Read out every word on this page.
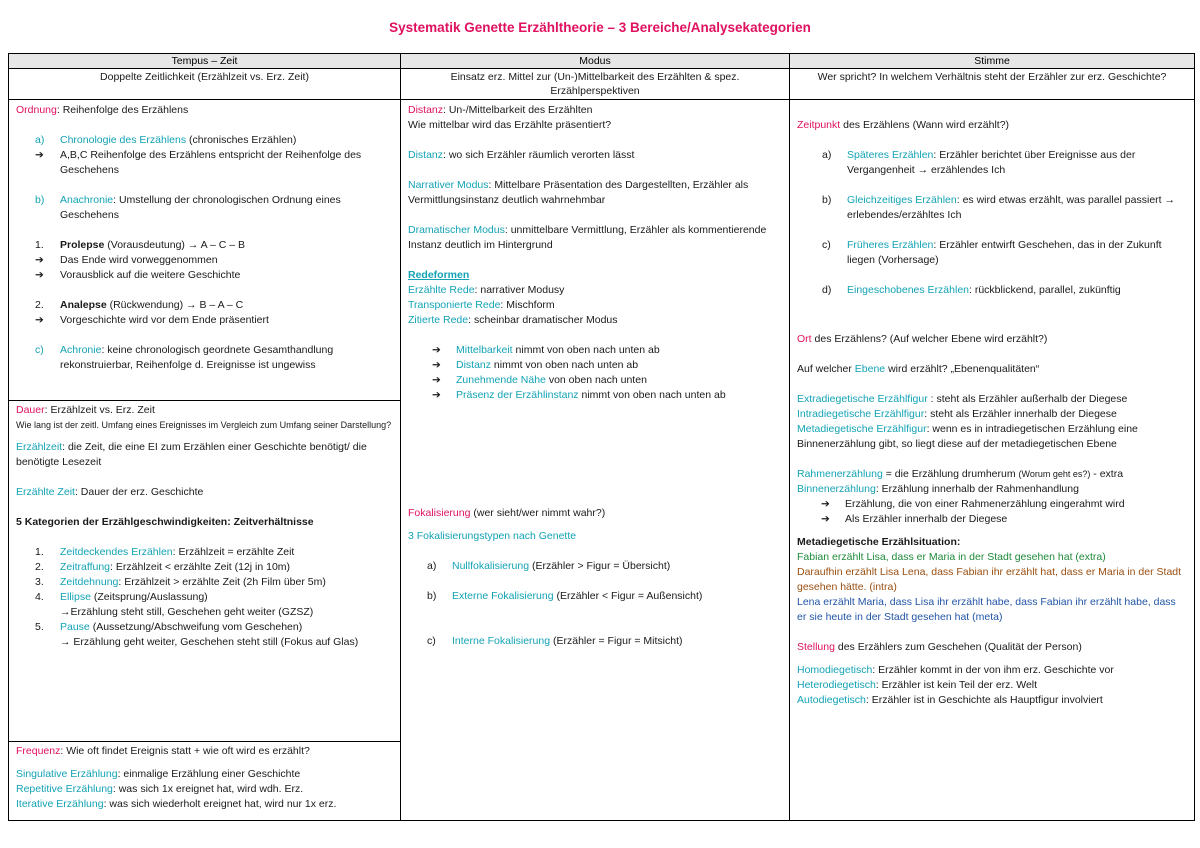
Systematik Genette Erzähltheorie – 3 Bereiche/Analysekategorien
Tempus – Zeit
Doppelte Zeitlichkeit (Erzählzeit vs. Erz. Zeit)
Ordnung: Reihenfolge des Erzählens
a) Chronologie des Erzählens (chronisches Erzählen)
➔ A,B,C Reihenfolge des Erzählens entspricht der Reihenfolge des Geschehens
b) Anachronie: Umstellung der chronologischen Ordnung eines Geschehens
1. Prolepse (Vorausdeutung) → A – C – B
➔ Das Ende wird vorweggenommen
➔ Vorausblick auf die weitere Geschichte
2. Analepse (Rückwendung) → B – A – C
➔ Vorgeschichte wird vor dem Ende präsentiert
c) Achronie: keine chronologisch geordnete Gesamthandlung rekonstruierbar, Reihenfolge d. Ereignisse ist ungewiss
Dauer: Erzählzeit vs. Erz. Zeit
Wie lang ist der zeitl. Umfang eines Ereignisses im Vergleich zum Umfang seiner Darstellung?
Erzählzeit: die Zeit, die eine EI zum Erzählen einer Geschichte benötigt/ die benötigte Lesezeit
Erzählte Zeit: Dauer der erz. Geschichte
5 Kategorien der Erzählgeschwindigkeiten: Zeitverhältnisse
1. Zeitdeckendes Erzählen: Erzählzeit = erzählte Zeit
2. Zeitraffung: Erzählzeit < erzählte Zeit (12j in 10m)
3. Zeitdehnung: Erzählzeit > erzählte Zeit (2h Film über 5m)
4. Ellipse (Zeitsprung/Auslassung)
→Erzählung steht still, Geschehen geht weiter (GZSZ)
5. Pause (Aussetzung/Abschweifung vom Geschehen)
→ Erzählung geht weiter, Geschehen steht still (Fokus auf Glas)
Frequenz: Wie oft findet Ereignis statt + wie oft wird es erzählt?
Singulative Erzählung: einmalige Erzählung einer Geschichte
Repetitive Erzählung: was sich 1x ereignet hat, wird wdh. Erz.
Iterative Erzählung: was sich wiederholt ereignet hat, wird nur 1x erz.
Modus
Einsatz erz. Mittel zur (Un-)Mittelbarkeit des Erzählten & spez. Erzählperspektiven
Distanz: Un-/Mittelbarkeit des Erzählten
Wie mittelbar wird das Erzählte präsentiert?
Distanz: wo sich Erzähler räumlich verorten lässt
Narrativer Modus: Mittelbare Präsentation des Dargestellten, Erzähler als Vermittlungsinstanz deutlich wahrnehmbar
Dramatischer Modus: unmittelbare Vermittlung, Erzähler als kommentierende Instanz deutlich im Hintergrund
Redeformen
Erzählte Rede: narrativer Modusy
Transponierte Rede: Mischform
Zitierte Rede: scheinbar dramatischer Modus
➔ Mittelbarkeit nimmt von oben nach unten ab
➔ Distanz nimmt von oben nach unten ab
➔ Zunehmende Nähe von oben nach unten
➔ Präsenz der Erzählinstanz nimmt von oben nach unten ab
Fokalisierung (wer sieht/wer nimmt wahr?)
3 Fokalisierungstypen nach Genette
a) Nullfokalisierung (Erzähler > Figur = Übersicht)
b) Externe Fokalisierung (Erzähler < Figur = Außensicht)
c) Interne Fokalisierung (Erzähler = Figur = Mitsicht)
Stimme
Wer spricht? In welchem Verhältnis steht der Erzähler zur erz. Geschichte?
Zeitpunkt des Erzählens (Wann wird erzählt?)
a) Späteres Erzählen: Erzähler berichtet über Ereignisse aus der Vergangenheit → erzählendes Ich
b) Gleichzeitiges Erzählen: es wird etwas erzählt, was parallel passiert → erlebendes/erzähltes Ich
c) Früheres Erzählen: Erzähler entwirft Geschehen, das in der Zukunft liegen (Vorhersage)
d) Eingeschobenes Erzählen: rückblickend, parallel, zukünftig
Ort des Erzählens? (Auf welcher Ebene wird erzählt?)
Auf welcher Ebene wird erzählt? „Ebenenqualitäten“
Extradiegetische Erzählfigur : steht als Erzähler außerhalb der Diegese
Intradiegetische Erzählfigur: steht als Erzähler innerhalb der Diegese
Metadiegetische Erzählfigur: wenn es in intradiegetischen Erzählung eine Binnenerzählung gibt, so liegt diese auf der metadiegetischen Ebene
Rahmenerzählung = die Erzählung drumherum (Worum geht es?) - extra
Binnenerzählung: Erzählung innerhalb der Rahmenhandlung
➔ Erzählung, die von einer Rahmenerzählung eingerahmt wird
➔ Als Erzähler innerhalb der Diegese
Metadiegetische Erzählsituation:
Fabian erzählt Lisa, dass er Maria in der Stadt gesehen hat (extra)
Daraufhin erzählt Lisa Lena, dass Fabian ihr erzählt hat, dass er Maria in der Stadt gesehen hätte. (intra)
Lena erzählt Maria, dass Lisa ihr erzählt habe, dass Fabian ihr erzählt habe, dass er sie heute in der Stadt gesehen hat (meta)
Stellung des Erzählers zum Geschehen (Qualität der Person)
Homodiegetisch: Erzähler kommt in der von ihm erz. Geschichte vor
Heterodiegetisch: Erzähler ist kein Teil der erz. Welt
Autodiegetisch: Erzähler ist in Geschichte als Hauptfigur involviert
